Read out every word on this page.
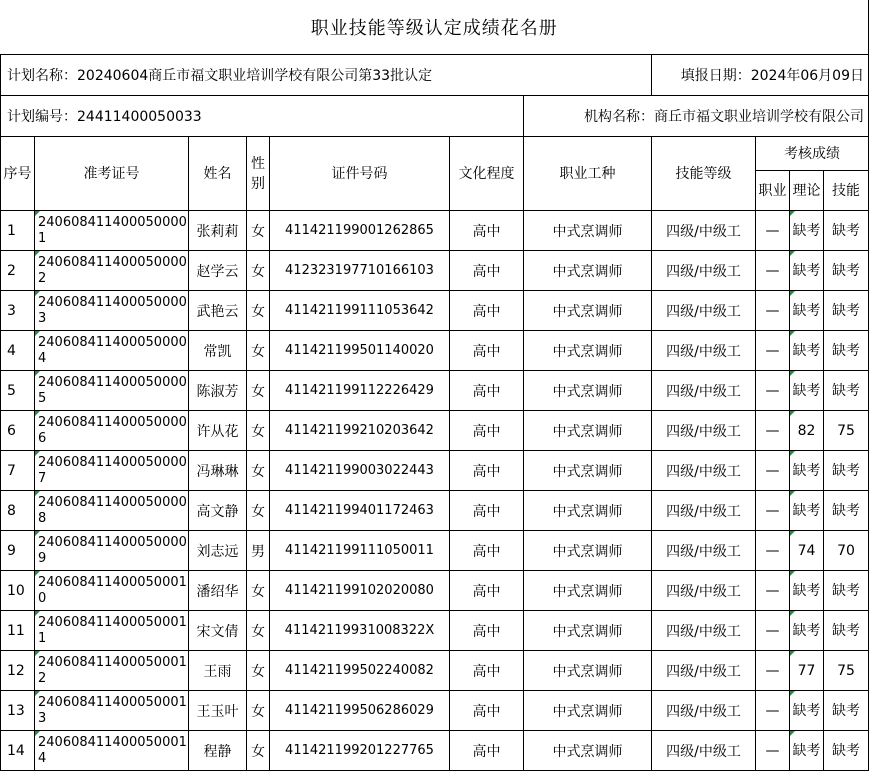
职业技能等级认定成绩花名册										
计划名称：20240604商丘市福文职业培训学校有限公司第33批认定							填报日期：2024年06月09日			
计划编号：24411400050033						机构名称：商丘市福文职业培训学校有限公司				
序号	准考证号	姓名	性别	证件号码	文化程度	职业工种	技能等级	考核成绩		
								职业	理论	技能
1	2406084114000500001	张莉莉	女	411421199001262865	高中	中式烹调师	四级/中级工	—	缺考	缺考
2	2406084114000500002	赵学云	女	412323197710166103	高中	中式烹调师	四级/中级工	—	缺考	缺考
3	2406084114000500003	武艳云	女	411421199111053642	高中	中式烹调师	四级/中级工	—	缺考	缺考
4	2406084114000500004	常凯	女	411421199501140020	高中	中式烹调师	四级/中级工	—	缺考	缺考
5	2406084114000500005	陈淑芳	女	411421199112226429	高中	中式烹调师	四级/中级工	—	缺考	缺考
6	2406084114000500006	许从花	女	411421199210203642	高中	中式烹调师	四级/中级工	—	82	75
7	2406084114000500007	冯琳琳	女	411421199003022443	高中	中式烹调师	四级/中级工	—	缺考	缺考
8	2406084114000500008	高文静	女	411421199401172463	高中	中式烹调师	四级/中级工	—	缺考	缺考
9	2406084114000500009	刘志远	男	411421199111050011	高中	中式烹调师	四级/中级工	—	74	70
10	2406084114000500010	潘绍华	女	411421199102020080	高中	中式烹调师	四级/中级工	—	缺考	缺考
11	2406084114000500011	宋文倩	女	41142119931008322X	高中	中式烹调师	四级/中级工	—	缺考	缺考
12	2406084114000500012	王雨	女	411421199502240082	高中	中式烹调师	四级/中级工	—	77	75
13	2406084114000500013	王玉叶	女	411421199506286029	高中	中式烹调师	四级/中级工	—	缺考	缺考
14	2406084114000500014	程静	女	411421199201227765	高中	中式烹调师	四级/中级工	—	缺考	缺考
